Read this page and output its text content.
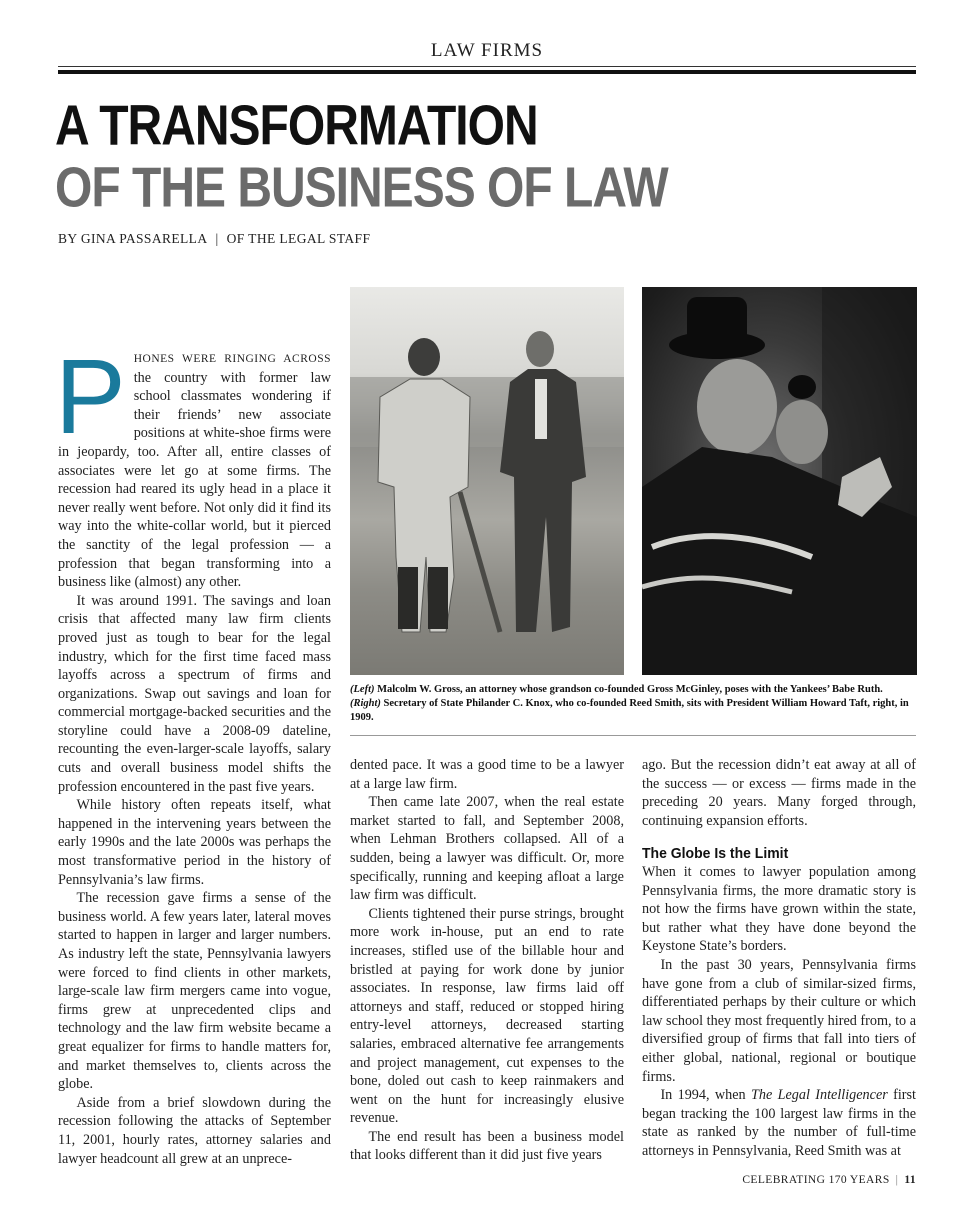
LAW FIRMS
A TRANSFORMATION
OF THE BUSINESS OF LAW
BY GINA PASSARELLA | OF THE LEGAL STAFF
(Left) Malcolm W. Gross, an attorney whose grandson co-founded Gross McGinley, poses with the Yankees’ Babe Ruth. (Right) Secretary of State Philander C. Knox, who co-founded Reed Smith, sits with President William Howard Taft, right, in 1909.

PHONES WERE RINGING ACROSS the country with former law school classmates wondering if their friends’ new associate positions at white-shoe firms were in jeopardy, too. After all, entire classes of associates were let go at some firms. The recession had reared its ugly head in a place it never really went before. Not only did it find its way into the white-collar world, but it pierced the sanctity of the legal profession — a profession that began transforming into a business like (almost) any other.

It was around 1991. The savings and loan crisis that affected many law firm clients proved just as tough to bear for the legal industry, which for the first time faced mass layoffs across a spectrum of firms and organizations. Swap out savings and loan for commercial mortgage-backed securities and the storyline could have a 2008-09 dateline, recounting the even-larger-scale layoffs, salary cuts and overall business model shifts the profession encountered in the past five years.

While history often repeats itself, what happened in the intervening years between the early 1990s and the late 2000s was perhaps the most transformative period in the history of Pennsylvania’s law firms.

The recession gave firms a sense of the business world. A few years later, lateral moves started to happen in larger and larger numbers. As industry left the state, Pennsylvania lawyers were forced to find clients in other markets, large-scale law firm mergers came into vogue, firms grew at unprecedented clips and technology and the law firm website became a great equalizer for firms to handle matters for, and market themselves to, clients across the globe.

Aside from a brief slowdown during the recession following the attacks of September 11, 2001, hourly rates, attorney salaries and lawyer headcount all grew at an unprece-

dented pace. It was a good time to be a lawyer at a large law firm.

Then came late 2007, when the real estate market started to fall, and September 2008, when Lehman Brothers collapsed. All of a sudden, being a lawyer was difficult. Or, more specifically, running and keeping afloat a large law firm was difficult.

Clients tightened their purse strings, brought more work in-house, put an end to rate increases, stifled use of the billable hour and bristled at paying for work done by junior associates. In response, law firms laid off attorneys and staff, reduced or stopped hiring entry-level attorneys, decreased starting salaries, embraced alternative fee arrangements and project management, cut expenses to the bone, doled out cash to keep rainmakers and went on the hunt for increasingly elusive revenue.

The end result has been a business model that looks different than it did just five years

ago. But the recession didn’t eat away at all of the success — or excess — firms made in the preceding 20 years. Many forged through, continuing expansion efforts.

The Globe Is the Limit

When it comes to lawyer population among Pennsylvania firms, the more dramatic story is not how the firms have grown within the state, but rather what they have done beyond the Keystone State’s borders.

In the past 30 years, Pennsylvania firms have gone from a club of similar-sized firms, differentiated perhaps by their culture or which law school they most frequently hired from, to a diversified group of firms that fall into tiers of either global, national, regional or boutique firms.

In 1994, when The Legal Intelligencer first began tracking the 100 largest law firms in the state as ranked by the number of full-time attorneys in Pennsylvania, Reed Smith was at

CELEBRATING 170 YEARS | 11
